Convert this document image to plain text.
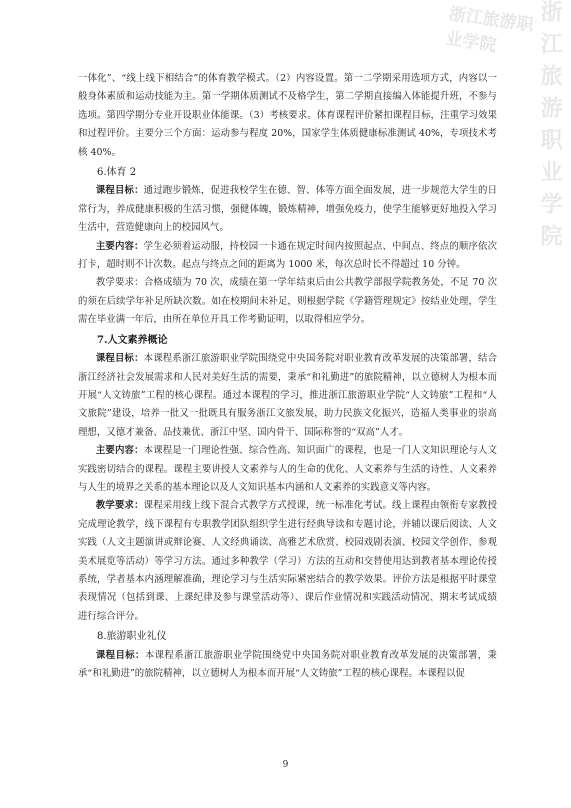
浙江旅游职业学院	浙江旅游职业学院

一体化”、“线上线下相结合”的体育教学模式。（2）内容设置。第一二学期采用选项方式，内容以一般身体素质和运动技能为主。第一学期体质测试不及格学生，第二学期直接编入体能提升班，不参与选项。第四学期分专业开设职业体能课。（3）考核要求。体育课程评价紧扣课程目标，注重学习效果和过程评价。主要分三个方面：运动参与程度 20%，国家学生体质健康标准测试 40%，专项技术考核 40%。

6.体育 2

课程目标：通过跑步锻炼，促进我校学生在德、智、体等方面全面发展，进一步规范大学生的日常行为，养成健康积极的生活习惯，强健体魄，锻炼精神，增强免疫力，使学生能够更好地投入学习生活中，营造健康向上的校园风气。

主要内容：学生必须着运动服，持校园一卡通在规定时间内按照起点、中间点、终点的顺序依次打卡，超时则不计次数。起点与终点之间的距离为 1000 米，每次总时长不得超过 10 分钟。

教学要求：合格成绩为 70 次，成绩在第一学年结束后由公共教学部报学院教务处，不足 70 次的须在后续学年补足所缺次数。如在校期间未补足，则根据学院《学籍管理规定》按结业处理，学生需在毕业满一年后，由所在单位开具工作考勤证明，以取得相应学分。

7.人文素养概论

课程目标：本课程系浙江旅游职业学院围绕党中央国务院对职业教育改革发展的决策部署，结合浙江经济社会发展需求和人民对美好生活的需要，秉承“和礼勤进”的旅院精神，以立德树人为根本而开展“人文铸旅”工程的核心课程。通过本课程的学习，推进浙江旅游职业学院“人文铸旅”工程和“人文旅院”建设，培养一批又一批既具有服务浙江文旅发展，助力民族文化振兴，造福人类事业的崇高理想，又德才兼备、品技兼优、浙江中坚、国内骨干、国际称誉的“双高”人才。

主要内容：本课程是一门理论性强、综合性高、知识面广的课程，也是一门人文知识理论与人文实践密切结合的课程。课程主要讲授人文素养与人的生命的优化、人文素养与生活的诗性、人文素养与人生的境界之关系的基本理论以及人文知识基本内涵和人文素养的实践意义等内容。

教学要求：课程采用线上线下混合式教学方式授课，统一标准化考试。线上课程由领衔专家教授完成理论教学，线下课程有专职教学团队组织学生进行经典导读和专题讨论，并辅以课后阅读、人文实践（人文主题演讲或辩论赛、人文经典诵读、高雅艺术欣赏、校园戏剧表演、校园文学创作、参观美术展览等活动）等学习方法。通过多种教学（学习）方法的互动和交替使用达到教者基本理论传授系统，学者基本内涵理解准确，理论学习与生活实际紧密结合的教学效果。评价方法是根据平时课堂表现情况（包括到课、上课纪律及参与课堂活动等）、课后作业情况和实践活动情况、期末考试成绩进行综合评分。

8.旅游职业礼仪

课程目标：本课程系浙江旅游职业学院围绕党中央国务院对职业教育改革发展的决策部署，秉承“和礼勤进”的旅院精神，以立德树人为根本而开展“人文铸旅”工程的核心课程。本课程以促

9
